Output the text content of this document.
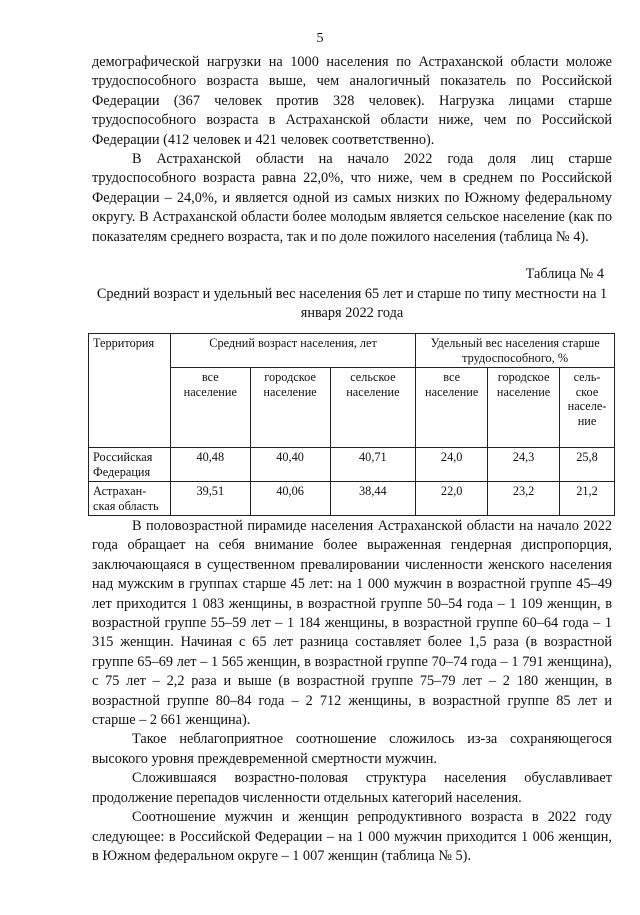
5

демографической нагрузки на 1000 населения по Астраханской области моложе трудоспособного возраста выше, чем аналогичный показатель по Российской Федерации (367 человек против 328 человек). Нагрузка лицами старше трудоспособного возраста в Астраханской области ниже, чем по Российской Федерации (412 человек и 421 человек соответственно).

В Астраханской области на начало 2022 года доля лиц старше трудоспособного возраста равна 22,0%, что ниже, чем в среднем по Российской Федерации – 24,0%, и является одной из самых низких по Южному федеральному округу. В Астраханской области более молодым является сельское население (как по показателям среднего возраста, так и по доле пожилого населения (таблица № 4).

Таблица № 4
Средний возраст и удельный вес населения 65 лет и старше по типу местности на 1 января 2022 года
Территория	Средний возраст населения, лет			Удельный вес населения старше трудоспособного, %		
	все население	городское население	сельское население	все население	городское население	сель-ское населе-ние
Российская Федерация	40,48	40,40	40,71	24,0	24,3	25,8
Астрахан-ская область	39,51	40,06	38,44	22,0	23,2	21,2

В половозрастной пирамиде населения Астраханской области на начало 2022 года обращает на себя внимание более выраженная гендерная диспропорция, заключающаяся в существенном превалировании численности женского населения над мужским в группах старше 45 лет: на 1 000 мужчин в возрастной группе 45–49 лет приходится 1 083 женщины, в возрастной группе 50–54 года – 1 109 женщин, в возрастной группе 55–59 лет – 1 184 женщины, в возрастной группе 60–64 года – 1 315 женщин. Начиная с 65 лет разница составляет более 1,5 раза (в возрастной группе 65–69 лет – 1 565 женщин, в возрастной группе 70–74 года – 1 791 женщина), с 75 лет – 2,2 раза и выше (в возрастной группе 75–79 лет – 2 180 женщин, в возрастной группе 80–84 года – 2 712 женщины, в возрастной группе 85 лет и старше – 2 661 женщина).

Такое неблагоприятное соотношение сложилось из-за сохраняющегося высокого уровня преждевременной смертности мужчин.

Сложившаяся возрастно-половая структура населения обуславливает продолжение перепадов численности отдельных категорий населения.

Соотношение мужчин и женщин репродуктивного возраста в 2022 году следующее: в Российской Федерации – на 1 000 мужчин приходится 1 006 женщин, в Южном федеральном округе – 1 007 женщин (таблица № 5).
